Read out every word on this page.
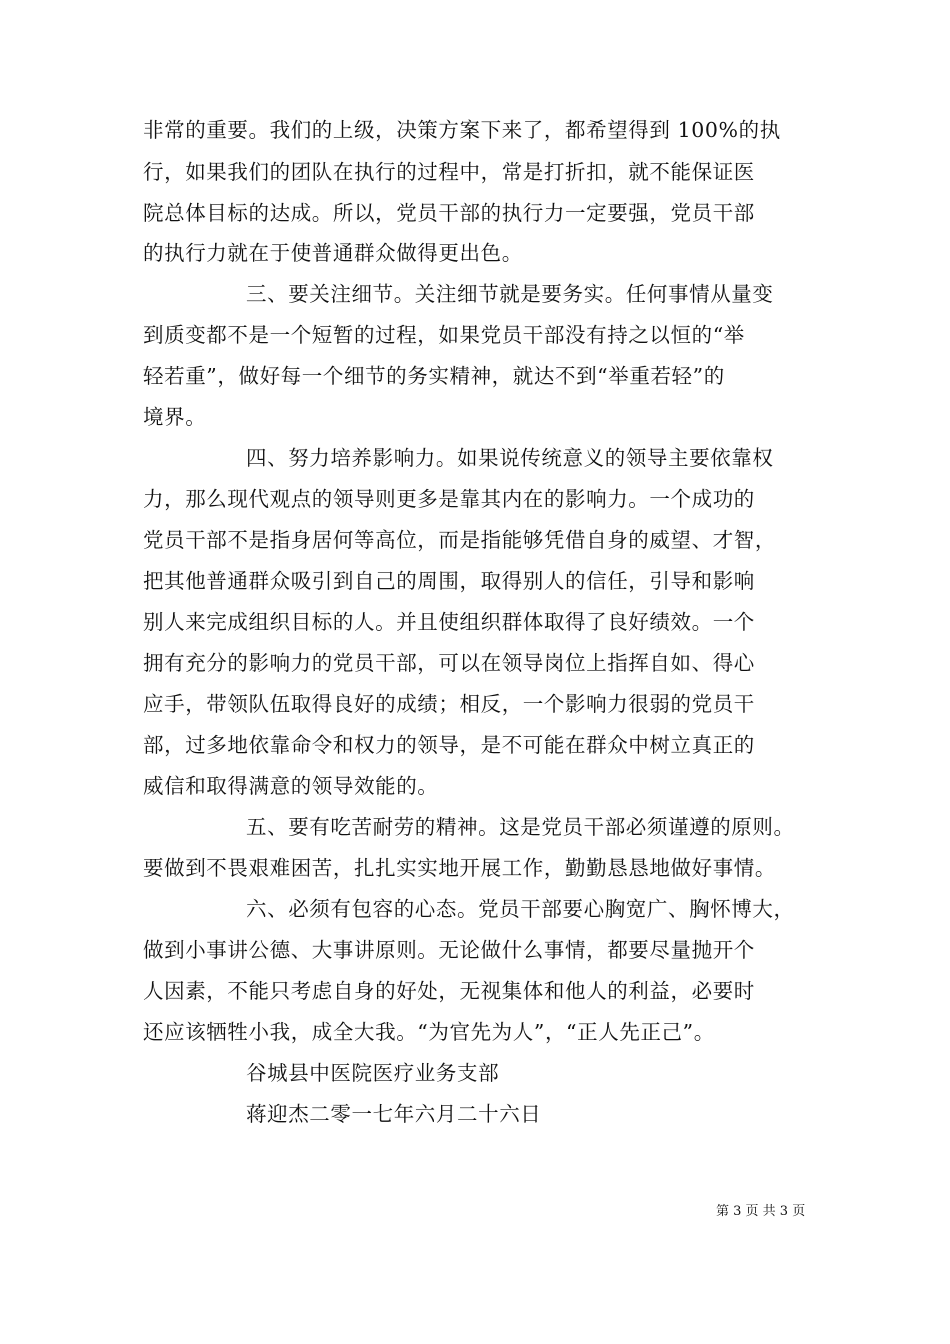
非常的重要。我们的上级，决策方案下来了，都希望得到 100%的执
行，如果我们的团队在执行的过程中，常是打折扣，就不能保证医
院总体目标的达成。所以，党员干部的执行力一定要强，党员干部
的执行力就在于使普通群众做得更出色。
三、要关注细节。关注细节就是要务实。任何事情从量变
到质变都不是一个短暂的过程，如果党员干部没有持之以恒的“举
轻若重”，做好每一个细节的务实精神，就达不到“举重若轻”的
境界。
四、努力培养影响力。如果说传统意义的领导主要依靠权
力，那么现代观点的领导则更多是靠其内在的影响力。一个成功的
党员干部不是指身居何等高位，而是指能够凭借自身的威望、才智，
把其他普通群众吸引到自己的周围，取得别人的信任，引导和影响
别人来完成组织目标的人。并且使组织群体取得了良好绩效。一个
拥有充分的影响力的党员干部，可以在领导岗位上指挥自如、得心
应手，带领队伍取得良好的成绩；相反，一个影响力很弱的党员干
部，过多地依靠命令和权力的领导，是不可能在群众中树立真正的
威信和取得满意的领导效能的。
五、要有吃苦耐劳的精神。这是党员干部必须谨遵的原则。
要做到不畏艰难困苦，扎扎实实地开展工作，勤勤恳恳地做好事情。
六、必须有包容的心态。党员干部要心胸宽广、胸怀博大，
做到小事讲公德、大事讲原则。无论做什么事情，都要尽量抛开个
人因素，不能只考虑自身的好处，无视集体和他人的利益，必要时
还应该牺牲小我，成全大我。“为官先为人”，“正人先正己”。
谷城县中医院医疗业务支部
蒋迎杰二零一七年六月二十六日
第 3 页 共 3 页
